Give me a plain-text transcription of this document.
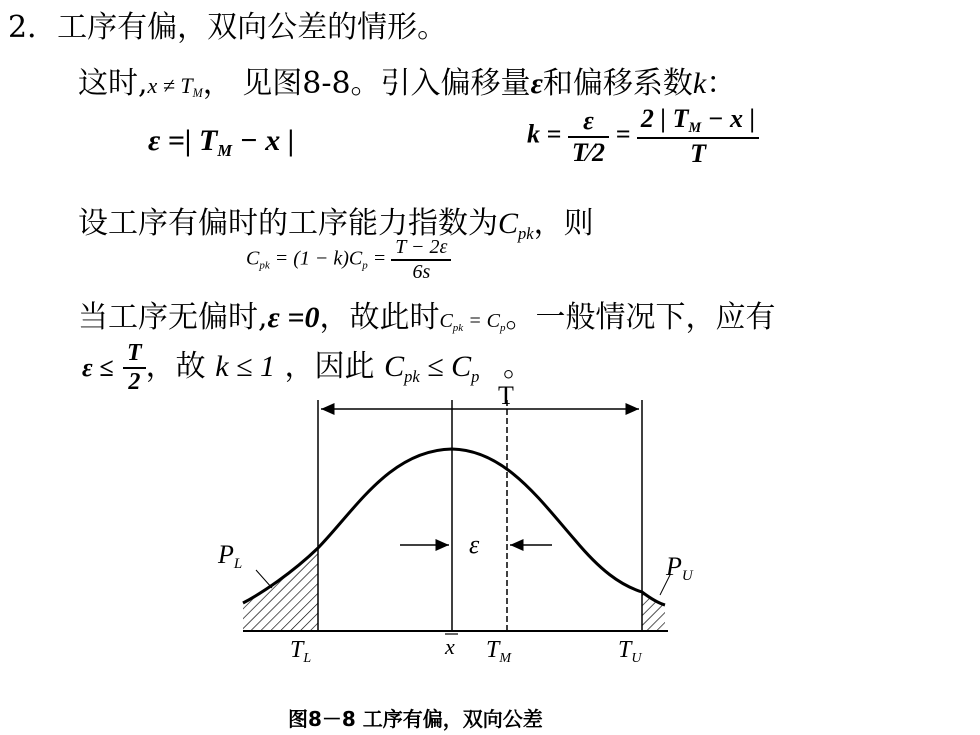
2．工序有偏，双向公差的情形。
这时$,x \ne T_M$， 见图8-8。引入偏移量ε和偏移系数k：
ε =| $T_M - x$ |	$k = \frac{\varepsilon}{T⁄2} = \frac{2 | T_M - x |}{T}$
设工序有偏时的工序能力指数为$C_{pk}$，则
$C_{pk} = (1 - k)C_p = \frac{T - 2\varepsilon}{6s}$
当工序无偏时,ε =0，故此时$C_{pk} = C_p$。一般情况下，应有
$\varepsilon \le \frac{T}{2}$ ，故 k ≤ 1 ，因此 $C_{pk} \le C_p$ 。
T
ε
PL	PU
$T_L$	x $T_M$	$T_U$
图8－8 工序有偏，双向公差
